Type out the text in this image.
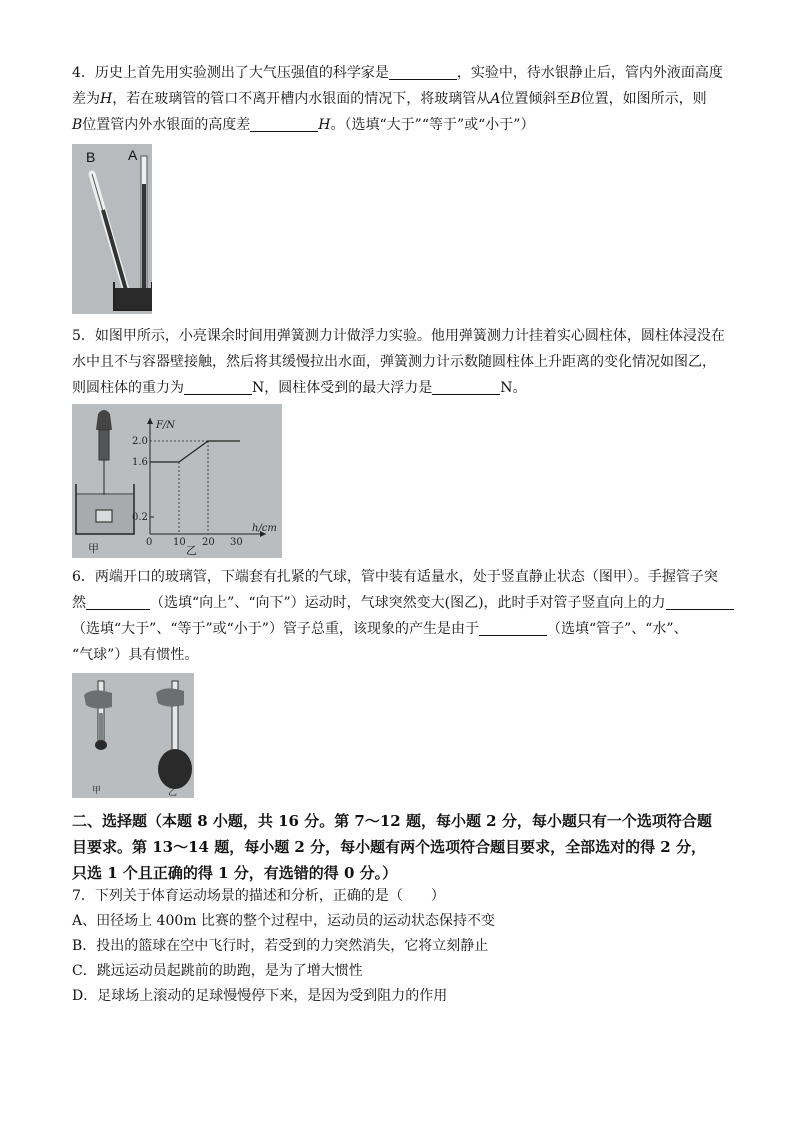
4．历史上首先用实验测出了大气压强值的科学家是	，实验中，待水银静止后，管内外液面高度
差为H，若在玻璃管的管口不离开槽内水银面的情况下，将玻璃管从A位置倾斜至B位置，如图所示，则
B位置管内外水银面的高度差	H。（选填“大于”“等于”或“小于”）
B A
5．如图甲所示，小亮课余时间用弹簧测力计做浮力实验。他用弹簧测力计挂着实心圆柱体，圆柱体浸没在
水中且不与容器壁接触，然后将其缓慢拉出水面，弹簧测力计示数随圆柱体上升距离的变化情况如图乙，
则圆柱体的重力为	N，圆柱体受到的最大浮力是	N。
甲
F/N
h/cm
2.0
1.6
0.2
0 10 20 30
乙
6．两端开口的玻璃管，下端套有扎紧的气球，管中装有适量水，处于竖直静止状态（图甲）。手握管子突
然	（选填“向上”、“向下”）运动时，气球突然变大(图乙)，此时手对管子竖直向上的力
（选填“大于”、“等于”或“小于”）管子总重，该现象的产生是由于	（选填“管子”、“水”、
“气球”）具有惯性。
甲	乙
二、选择题（本题 8 小题，共 16 分。第 7～12 题，每小题 2 分，每小题只有一个选项符合题
目要求。第 13～14 题，每小题 2 分，每小题有两个选项符合题目要求，全部选对的得 2 分，
只选 1 个且正确的得 1 分，有选错的得 0 分。）
7．下列关于体育运动场景的描述和分析，正确的是（　　）
A、田径场上 400m 比赛的整个过程中，运动员的运动状态保持不变
B．投出的篮球在空中飞行时，若受到的力突然消失，它将立刻静止
C．跳远运动员起跳前的助跑，是为了增大惯性
D．足球场上滚动的足球慢慢停下来，是因为受到阻力的作用
